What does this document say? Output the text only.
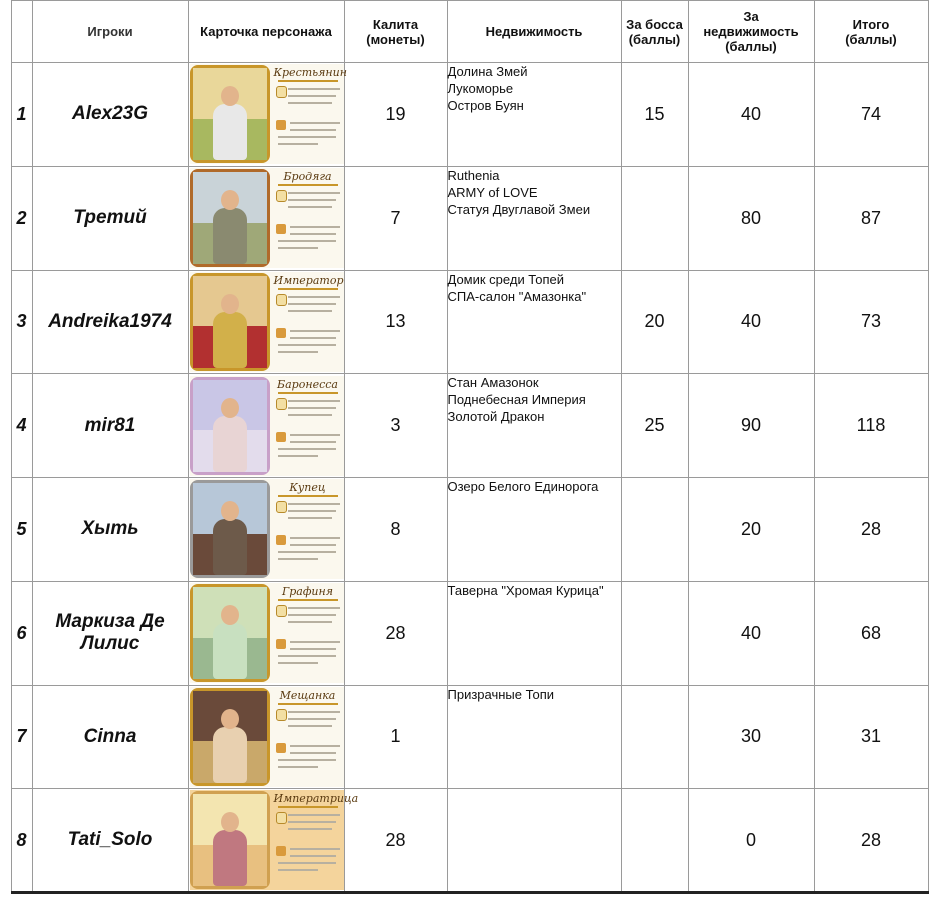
		Игроки	Карточка персонажа	Калита
(монеты)	Недвижимость	За босса
(баллы)	За
недвижимость
(баллы)	Итого
(баллы)
	1	Alex23G	Крестьянин	19	Долина Змей
Лукоморье
Остров Буян	15	40	74
	2	Третий	Бродяга	7	Ruthenia
ARMY of LOVE
Статуя Двуглавой Змеи		80	87
	3	Andreika1974	Император	13	Домик среди Топей
СПА-салон "Амазонка"	20	40	73
	4	mir81	Баронесса	3	Стан Амазонок
Поднебесная Империя
Золотой Дракон	25	90	118
	5	Хыть	Купец	8	Озеро Белого Единорога		20	28
	6	Маркиза Де Лилис	Графиня	28	Таверна "Хромая Курица"		40	68
	7	Cinna	Мещанка	1	Призрачные Топи		30	31
	8	Tati_Solo	Императрица	28			0	28
